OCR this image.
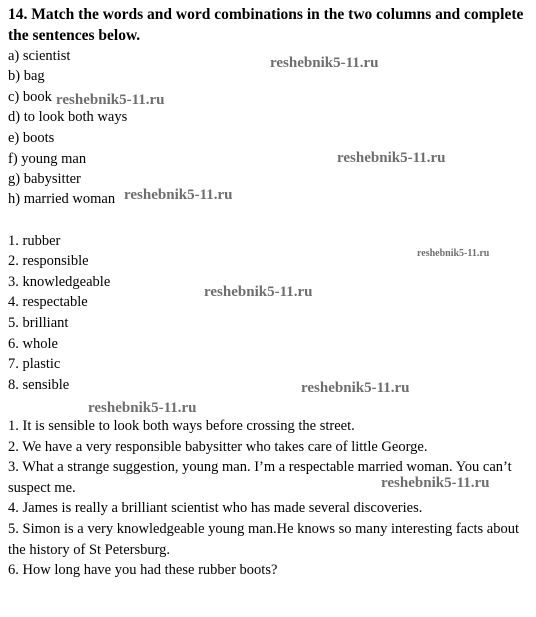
14. Match the words and word combinations in the two columns and complete the sentences below.
a) scientist
b) bag
c) book
d) to look both ways
e) boots
f) young man
g) babysitter
h) married woman
1. rubber
2. responsible
3. knowledgeable
4. respectable
5. brilliant
6. whole
7. plastic
8. sensible
1. It is sensible to look both ways before crossing the street.
2. We have a very responsible babysitter who takes care of little George.
3. What a strange suggestion, young man. I’m a respectable married woman. You can’t suspect me.
4. James is really a brilliant scientist who has made several discoveries.
5. Simon is a very knowledgeable young man.He knows so many interesting facts about the history of St Petersburg.
6. How long have you had these rubber boots?
reshebnik5-11.ru
reshebnik5-11.ru
reshebnik5-11.ru
reshebnik5-11.ru
reshebnik5-11.ru
reshebnik5-11.ru
reshebnik5-11.ru
reshebnik5-11.ru
reshebnik5-11.ru
